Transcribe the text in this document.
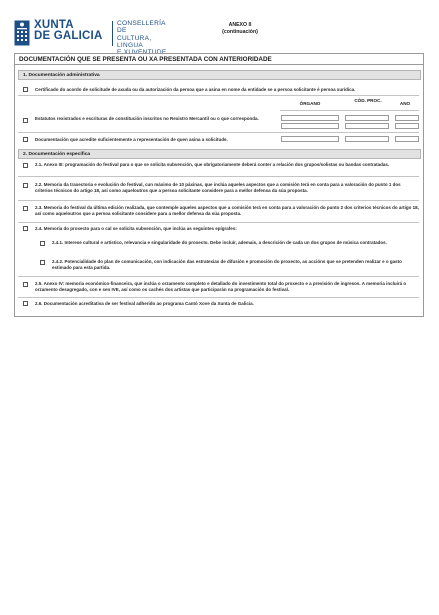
XUNTA
DE GALICIA
CONSELLERÍA DE
CULTURA, LINGUA
E XUVENTUDE
ANEXO II
(continuación)
DOCUMENTACIÓN QUE SE PRESENTA OU XA PRESENTADA CON ANTERIORIDADE
1. Documentación administrativa
Certificado do acordo de solicitude de axuda ou da autorización da persoa que a asina en nome da entidade se a persoa solicitante é persoa xurídica.
ÓRGANO
CÓD. PROC.
ANO
Estatutos rexistrados e escrituras de constitución inscritos no Rexistro Mercantil ou o que corresponda.
Documentación que acredite suficientemente a representación de quen asina a solicitude.
2. Documentación específica
2.1. Anexo III: programación do festival para o que se solicita subvención, que obrigatoriamente deberá conter a relación dos grupos/solistas ou bandas contratadas.
2.2. Memoria da traxectoria e evolución do festival, cun máximo de 10 páxinas, que inclúa aqueles aspectos que a comisión terá en conta para a valoración do punto 1 dos criterios técnicos do artigo 18, así como aqueloutros que a persoa solicitante considere para a mellor defensa da súa proposta.
2.3. Memoria do festival da última edición realizada, que contemple aqueles aspectos que a comisión terá en conta para a valoración do punto 2 dos criterios técnicos do artigo 18, así como aqueloutros que a persoa solicitante considere para a mellor defensa da súa proposta.
2.4. Memoria do proxecto para o cal se solicita subvención, que inclúa as seguintes epígrafes:
2.4.1. Interese cultural e artístico, relevancia e singularidade do proxecto. Debe incluír, ademais, a descrición de cada un dos grupos de música contratados.
2.4.2. Potencialidade do plan de comunicación, con indicación das estratexias de difusión e promoción do proxecto, as accións que se pretenden realizar e o gasto estimado para esta partida.
2.5. Anexo IV: memoria económico-financeira, que inclúa o orzamento completo e detallado do investimento total do proxecto e a previsión de ingresos. A memoria incluirá o orzamento desagregado, con e sen IVE, así como os cachés dos artistas que participarán na programación do festival.
2.6. Documentación acreditativa de ser festival adherido ao programa Cantó Xove da Xunta de Galicia.
